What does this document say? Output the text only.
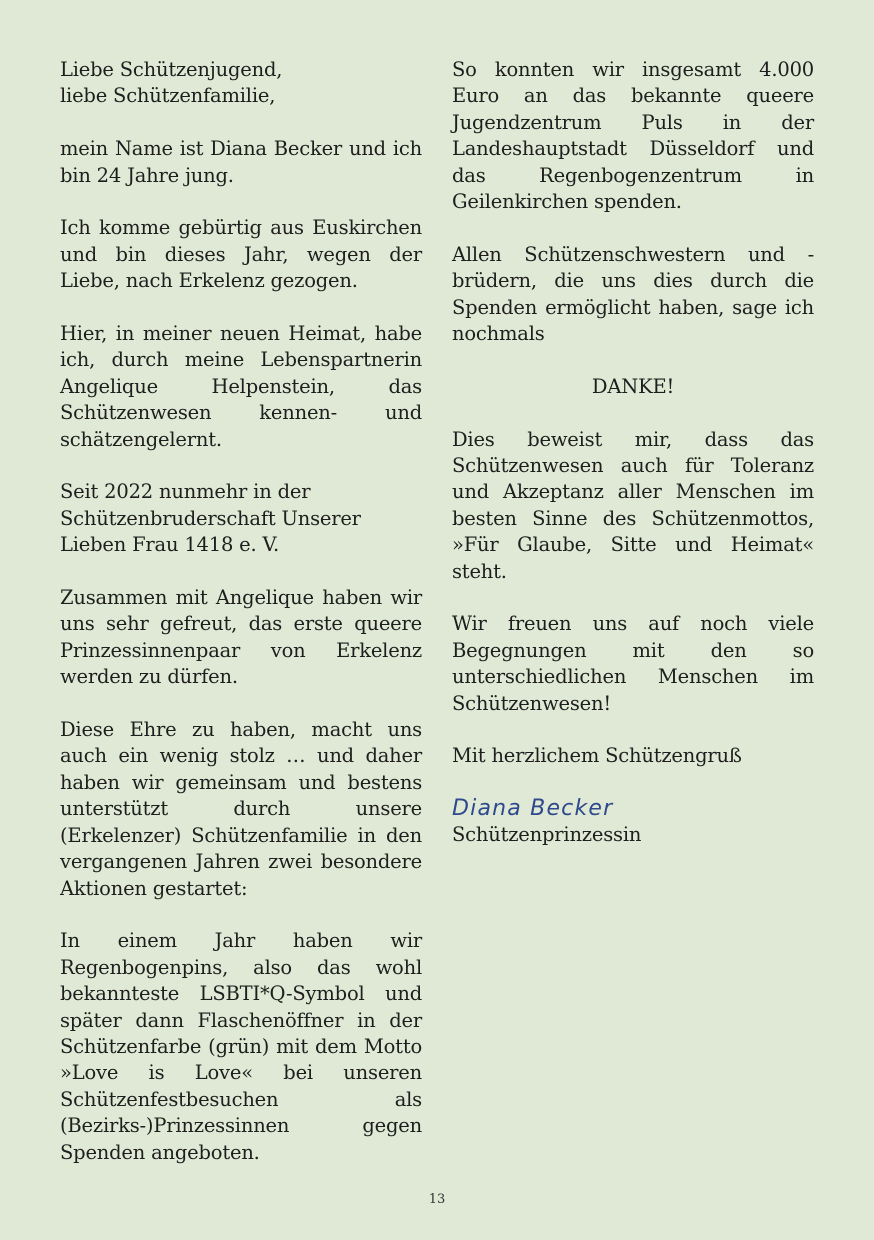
Liebe Schützenjugend,
liebe Schützenfamilie,

mein Name ist Diana Becker und ich bin 24 Jahre jung.

Ich komme gebürtig aus Euskirchen und bin dieses Jahr, wegen der Liebe, nach Erkelenz gezogen.

Hier, in meiner neuen Heimat, habe ich, durch meine Lebenspartnerin Angelique Helpenstein, das Schützenwesen kennen- und schätzengelernt.

Seit 2022 nunmehr in der Schützenbruderschaft Unserer Lieben Frau 1418 e. V.

Zusammen mit Angelique haben wir uns sehr gefreut, das erste queere Prinzessinnenpaar von Erkelenz werden zu dürfen.

Diese Ehre zu haben, macht uns auch ein wenig stolz … und daher haben wir gemeinsam und bestens unterstützt durch unsere (Erkelenzer) Schützenfamilie in den vergangenen Jahren zwei besondere Aktionen gestartet:

In einem Jahr haben wir Regenbogenpins, also das wohl bekannteste LSBTI*Q-Symbol und später dann Flaschenöffner in der Schützenfarbe (grün) mit dem Motto »Love is Love« bei unseren Schützenfestbesuchen als (Bezirks-)Prinzessinnen gegen Spenden angeboten.

So konnten wir insgesamt 4.000 Euro an das bekannte queere Jugendzentrum Puls in der Landeshauptstadt Düsseldorf und das Regenbogenzentrum in Geilenkirchen spenden.

Allen Schützenschwestern und -brüdern, die uns dies durch die Spenden ermöglicht haben, sage ich nochmals

DANKE!

Dies beweist mir, dass das Schützenwesen auch für Toleranz und Akzeptanz aller Menschen im besten Sinne des Schützenmottos, »Für Glaube, Sitte und Heimat« steht.

Wir freuen uns auf noch viele Begegnungen mit den so unterschiedlichen Menschen im Schützenwesen!

Mit herzlichem Schützengruß

Diana Becker
Schützenprinzessin
13
